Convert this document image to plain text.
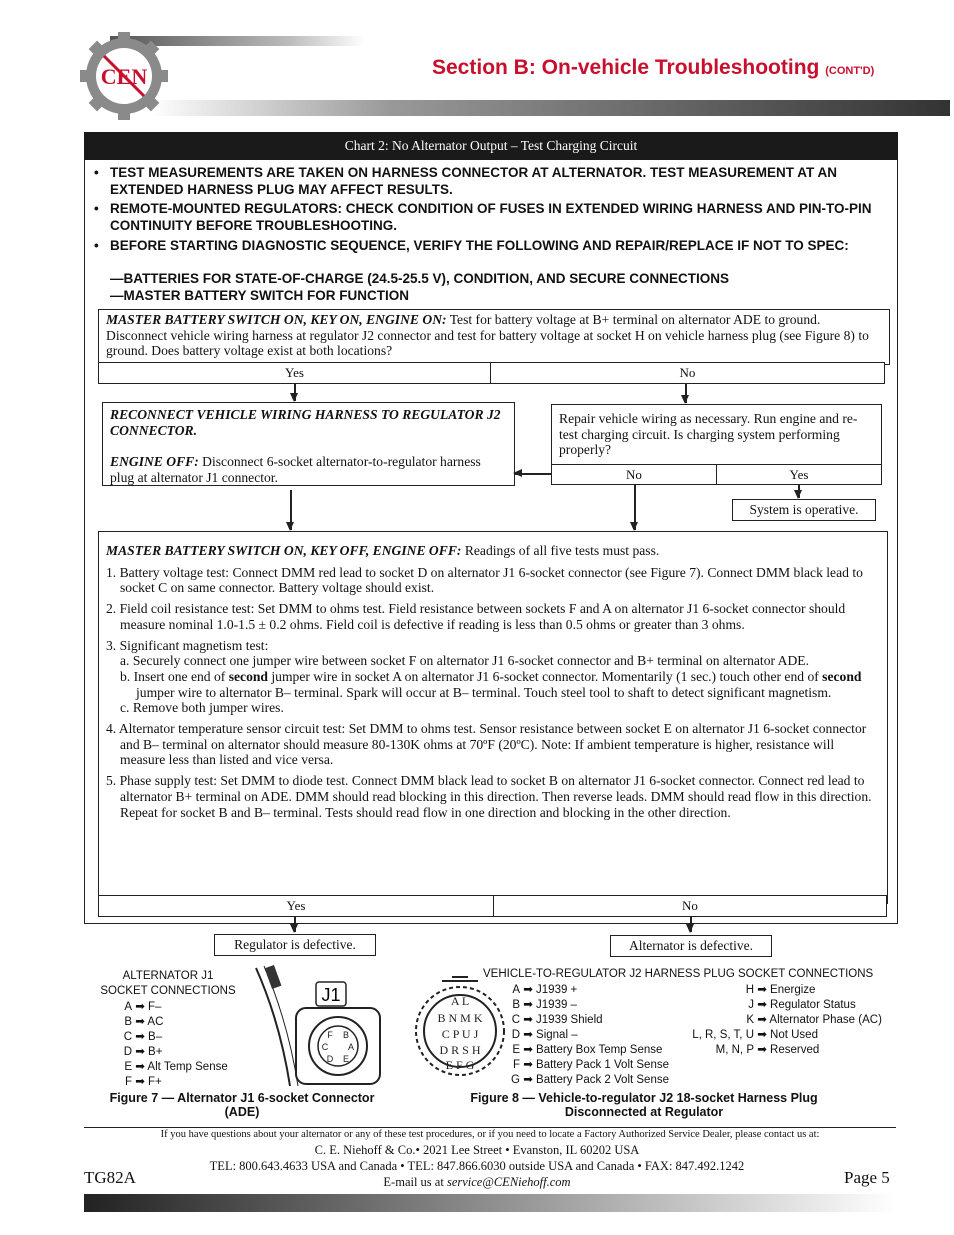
CEN	Section B: On-vehicle Troubleshooting (CONT'D)
Chart 2: No Alternator Output – Test Charging Circuit
• TEST MEASUREMENTS ARE TAKEN ON HARNESS CONNECTOR AT ALTERNATOR. TEST MEASUREMENT AT AN EXTENDED HARNESS PLUG MAY AFFECT RESULTS.
• REMOTE-MOUNTED REGULATORS: CHECK CONDITION OF FUSES IN EXTENDED WIRING HARNESS AND PIN-TO-PIN CONTINUITY BEFORE TROUBLESHOOTING.
• BEFORE STARTING DIAGNOSTIC SEQUENCE, VERIFY THE FOLLOWING AND REPAIR/REPLACE IF NOT TO SPEC:
—BATTERIES FOR STATE-OF-CHARGE (24.5-25.5 V), CONDITION, AND SECURE CONNECTIONS
—MASTER BATTERY SWITCH FOR FUNCTION
MASTER BATTERY SWITCH ON, KEY ON, ENGINE ON: Test for battery voltage at B+ terminal on alternator ADE to ground. Disconnect vehicle wiring harness at regulator J2 connector and test for battery voltage at socket H on vehicle harness plug (see Figure 8) to ground. Does battery voltage exist at both locations?
Yes	No
RECONNECT VEHICLE WIRING HARNESS TO REGULATOR J2 CONNECTOR.
ENGINE OFF: Disconnect 6-socket alternator-to-regulator harness plug at alternator J1 connector.
Repair vehicle wiring as necessary. Run engine and re-test charging circuit. Is charging system performing properly?
No	Yes
System is operative.
MASTER BATTERY SWITCH ON, KEY OFF, ENGINE OFF: Readings of all five tests must pass.
1. Battery voltage test: Connect DMM red lead to socket D on alternator J1 6-socket connector (see Figure 7). Connect DMM black lead to socket C on same connector. Battery voltage should exist.
2. Field coil resistance test: Set DMM to ohms test. Field resistance between sockets F and A on alternator J1 6-socket connector should measure nominal 1.0-1.5 ± 0.2 ohms. Field coil is defective if reading is less than 0.5 ohms or greater than 3 ohms.
3. Significant magnetism test:
a. Securely connect one jumper wire between socket F on alternator J1 6-socket connector and B+ terminal on alternator ADE.
b. Insert one end of second jumper wire in socket A on alternator J1 6-socket connector. Momentarily (1 sec.) touch other end of second jumper wire to alternator B– terminal. Spark will occur at B– terminal. Touch steel tool to shaft to detect significant magnetism.
c. Remove both jumper wires.
4. Alternator temperature sensor circuit test: Set DMM to ohms test. Sensor resistance between socket E on alternator J1 6-socket connector and B– terminal on alternator should measure 80-130K ohms at 70ºF (20ºC). Note: If ambient temperature is higher, resistance will measure less than listed and vice versa.
5. Phase supply test: Set DMM to diode test. Connect DMM black lead to socket B on alternator J1 6-socket connector. Connect red lead to alternator B+ terminal on ADE. DMM should read blocking in this direction. Then reverse leads. DMM should read flow in this direction. Repeat for socket B and B– terminal. Tests should read flow in one direction and blocking in the other direction.
Yes	No
Regulator is defective.	Alternator is defective.
ALTERNATOR J1
SOCKET CONNECTIONS
A ➡ F–
B ➡ AC
C ➡ B–
D ➡ B+
E ➡ Alt Temp Sense
F ➡ F+
J1
F B
A
E
D
C
Figure 7 — Alternator J1 6-socket Connector
(ADE)
VEHICLE-TO-REGULATOR J2 HARNESS PLUG SOCKET CONNECTIONS
A L
B N M K
C P U J
D R S H
E F G
A ➡ J1939 +
B ➡ J1939 –
C ➡ J1939 Shield
D ➡ Signal –
E ➡ Battery Box Temp Sense
F ➡ Battery Pack 1 Volt Sense
G ➡ Battery Pack 2 Volt Sense
H ➡ Energize
J ➡ Regulator Status
K ➡ Alternator Phase (AC)
L, R, S, T, U ➡ Not Used
M, N, P ➡ Reserved
Figure 8 — Vehicle-to-regulator J2 18-socket Harness Plug
Disconnected at Regulator
If you have questions about your alternator or any of these test procedures, or if you need to locate a Factory Authorized Service Dealer, please contact us at:
C. E. Niehoff & Co.• 2021 Lee Street • Evanston, IL 60202 USA
TEL: 800.643.4633 USA and Canada • TEL: 847.866.6030 outside USA and Canada • FAX: 847.492.1242
E-mail us at service@CENiehoff.com
TG82A	Page 5
